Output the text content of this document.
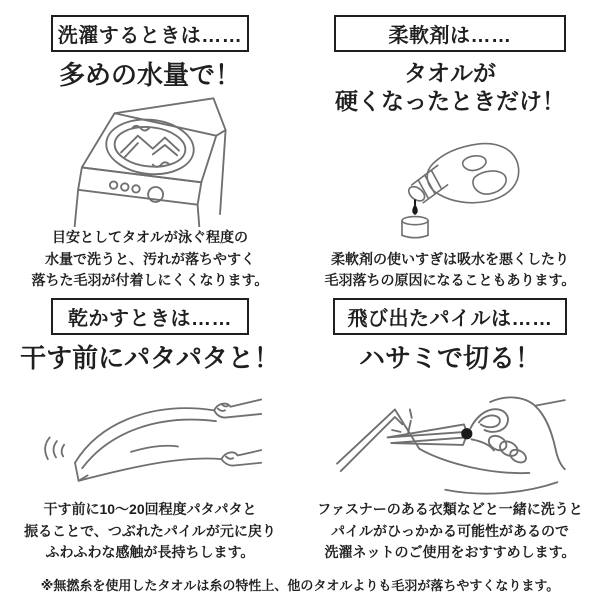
洗濯するときは……
多めの水量で！

目安としてタオルが泳ぐ程度の
水量で洗うと、汚れが落ちやすく
落ちた毛羽が付着しにくくなります。

柔軟剤は……
タオルが
硬くなったときだけ！

柔軟剤の使いすぎは吸水を悪くしたり
毛羽落ちの原因になることもあります。

乾かすときは……
干す前にパタパタと！

干す前に10〜20回程度パタパタと
振ることで、つぶれたパイルが元に戻り
ふわふわな感触が長持ちします。

飛び出たパイルは……
ハサミで切る！

ファスナーのある衣類などと一緒に洗うと
パイルがひっかかる可能性があるので
洗濯ネットのご使用をおすすめします。

※無撚糸を使用したタオルは糸の特性上、他のタオルよりも毛羽が落ちやすくなります。
